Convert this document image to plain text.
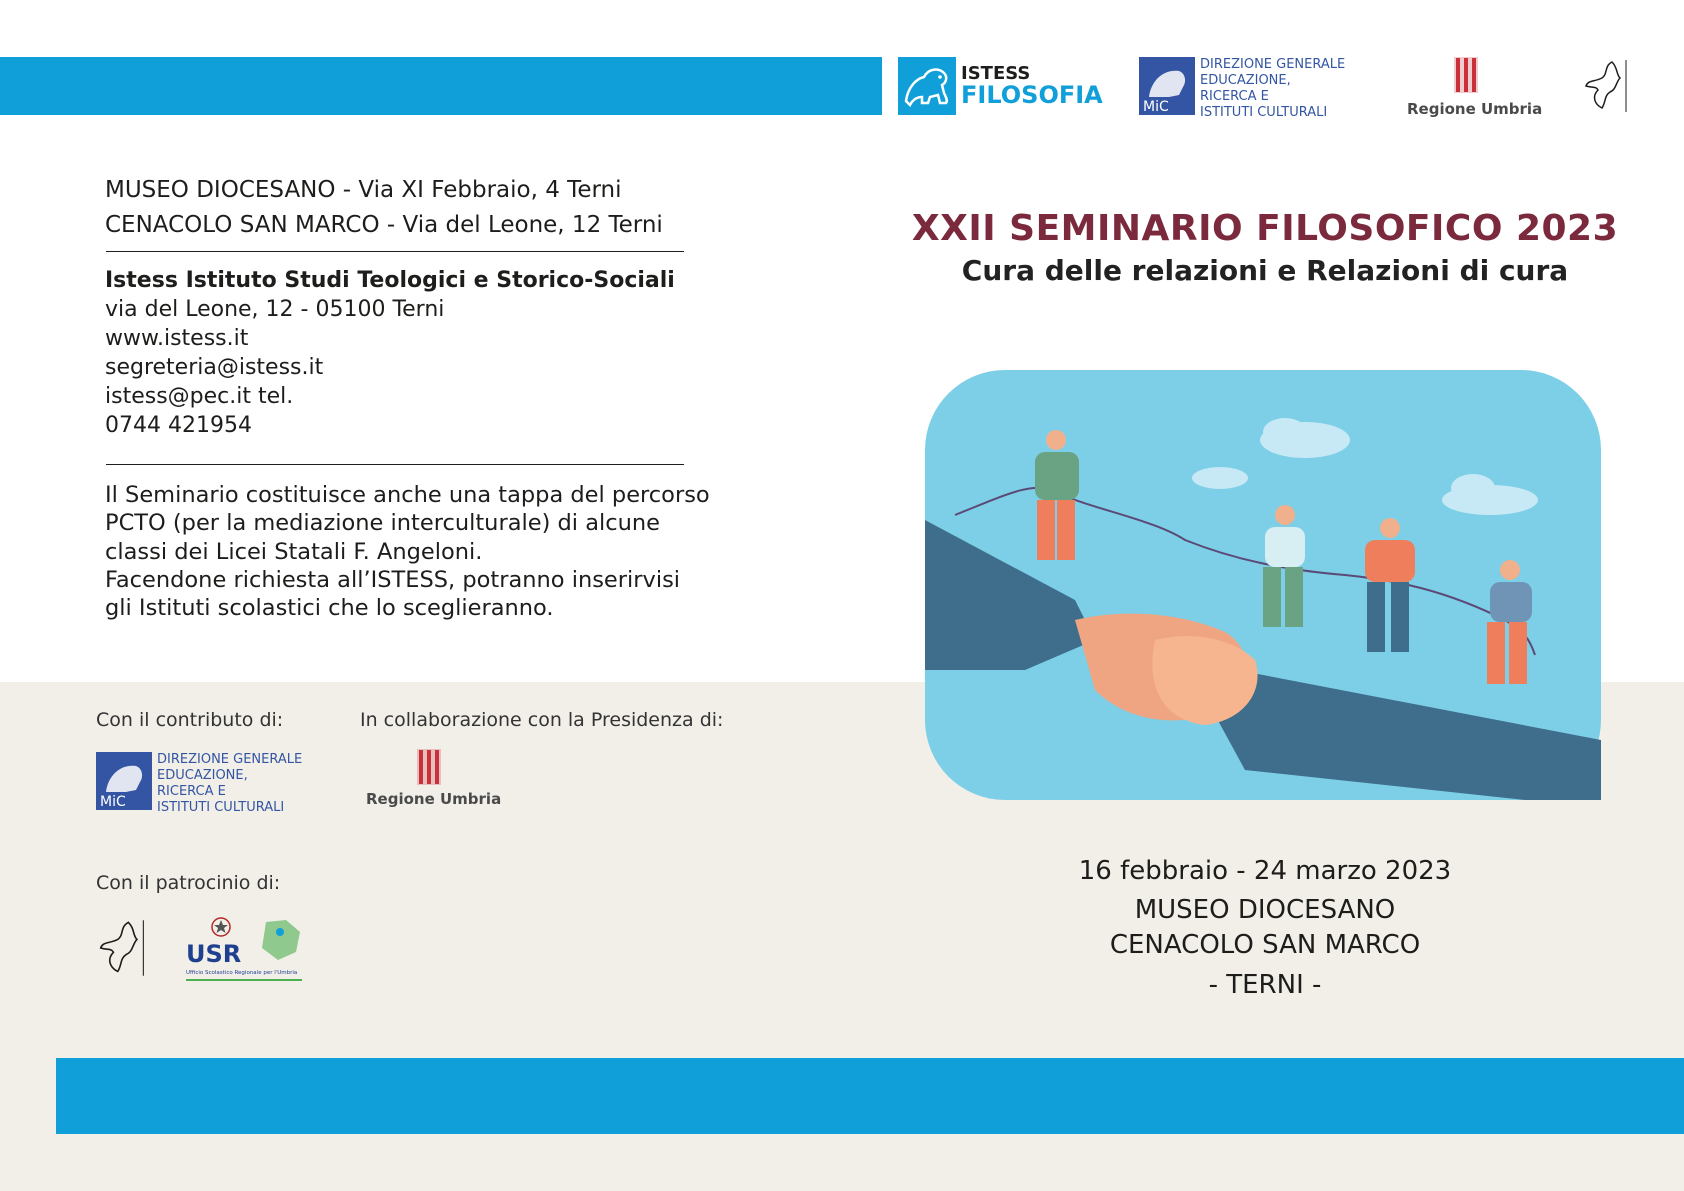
ISTESS
FILOSOFIA	MiC
DIREZIONE GENERALE
EDUCAZIONE,
RICERCA E
ISTITUTI CULTURALI	Regione Umbria
MUSEO DIOCESANO - Via XI Febbraio, 4 Terni
CENACOLO SAN MARCO - Via del Leone, 12 Terni
Istess Istituto Studi Teologici e Storico-Sociali
via del Leone, 12 - 05100 Terni
www.istess.it
segreteria@istess.it
istess@pec.it tel.
0744 421954
Il Seminario costituisce anche una tappa del percorso
PCTO (per la mediazione interculturale) di alcune
classi dei Licei Statali F. Angeloni.
Facendone richiesta all’ISTESS, potranno inserirvisi
gli Istituti scolastici che lo sceglieranno.
Con il contributo di:	In collaborazione con la Presidenza di:
MiC
DIREZIONE GENERALE
EDUCAZIONE,
RICERCA E
ISTITUTI CULTURALI	Regione Umbria
Con il patrocinio di:
USR
Ufficio Scolastico Regionale per l'Umbria
XXII SEMINARIO FILOSOFICO 2023
Cura delle relazioni e Relazioni di cura
16 febbraio - 24 marzo 2023
MUSEO DIOCESANO
CENACOLO SAN MARCO
- TERNI -
